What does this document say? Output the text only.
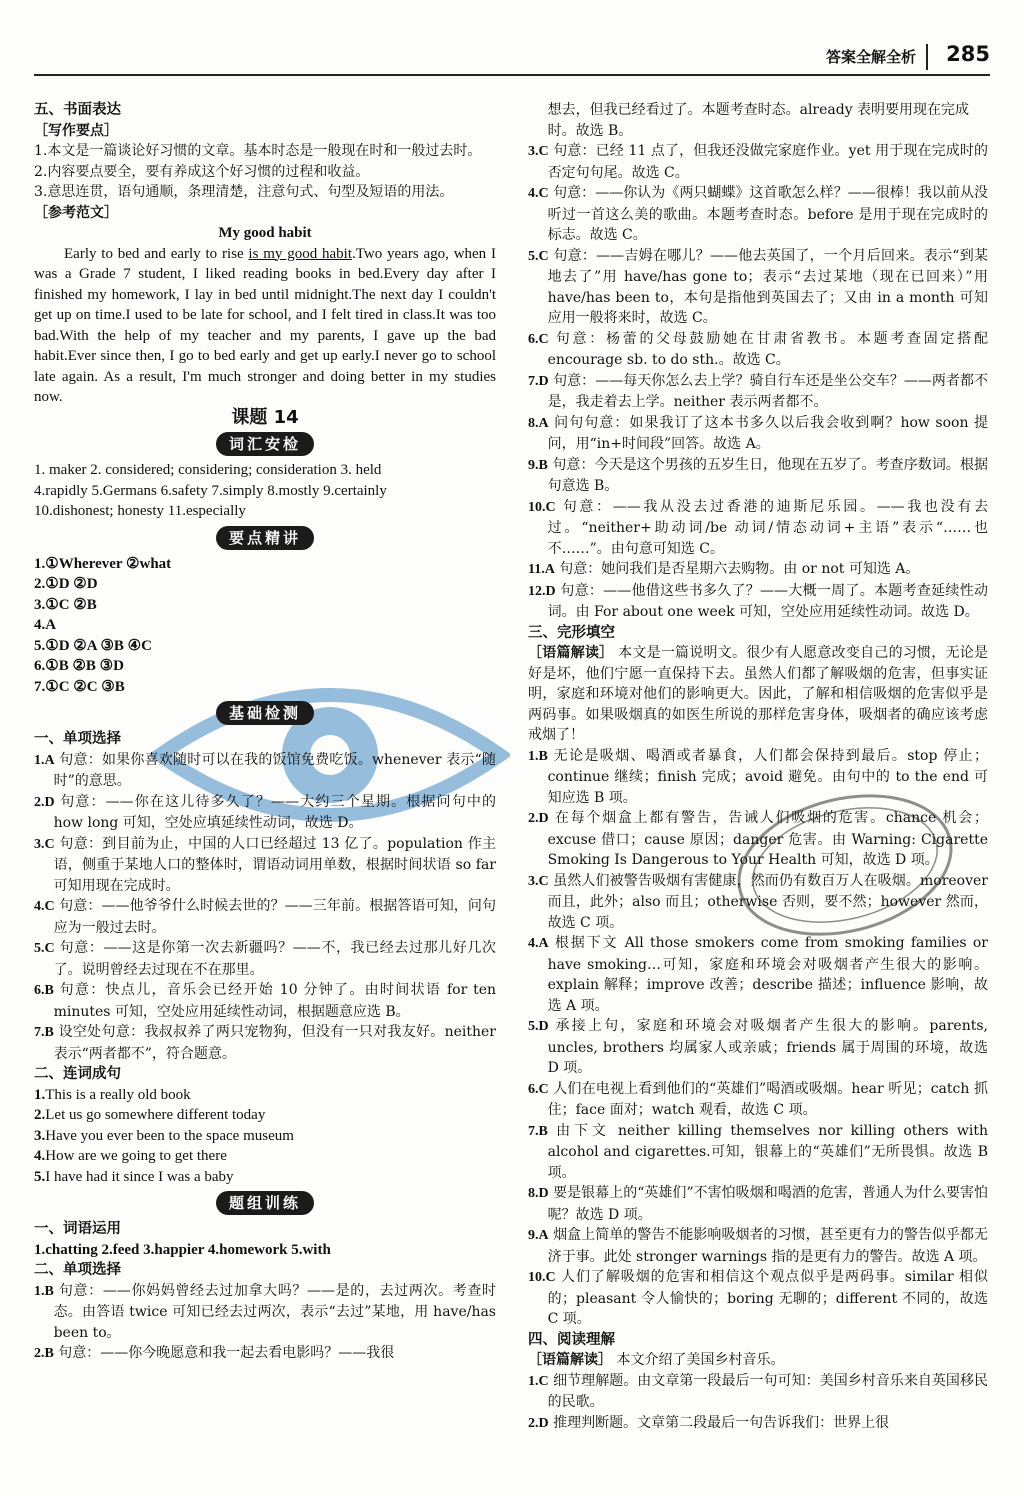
答案全解全析 285

五、书面表达

［写作要点］

1.本文是一篇谈论好习惯的文章。基本时态是一般现在时和一般过去时。

2.内容要点要全，要有养成这个好习惯的过程和收益。

3.意思连贯，语句通顺，条理清楚，注意句式、句型及短语的用法。

［参考范文］

My good habit

Early to bed and early to rise is my good habit.Two years ago, when I was a Grade 7 student, I liked reading books in bed.Every day after I finished my homework, I lay in bed until midnight.The next day I couldn't get up on time.I used to be late for school, and I felt tired in class.It was too bad.With the help of my teacher and my parents, I gave up the bad habit.Ever since then, I go to bed early and get up early.I never go to school late again. As a result, I'm much stronger and doing better in my studies now.

课题 14

词汇安检

1. maker 2. considered; considering; consideration 3. held

4.rapidly 5.Germans 6.safety 7.simply 8.mostly 9.certainly

10.dishonest; honesty 11.especially

要点精讲

1.①Wherever ②what

2.①D ②D

3.①C ②B

4.A

5.①D ②A ③B ④C

6.①B ②B ③D

7.①C ②C ③B

基础检测

一、单项选择

1.A 句意：如果你喜欢随时可以在我的饭馆免费吃饭。whenever 表示“随时”的意思。

2.D 句意：——你在这儿待多久了？——大约三个星期。根据问句中的 how long 可知，空处应填延续性动词，故选 D。

3.C 句意：到目前为止，中国的人口已经超过 13 亿了。population 作主语，侧重于某地人口的整体时，谓语动词用单数，根据时间状语 so far 可知用现在完成时。

4.C 句意：——他爷爷什么时候去世的？——三年前。根据答语可知，问句应为一般过去时。

5.C 句意：——这是你第一次去新疆吗？——不，我已经去过那儿好几次了。说明曾经去过现在不在那里。

6.B 句意：快点儿，音乐会已经开始 10 分钟了。由时间状语 for ten minutes 可知，空处应用延续性动词，根据题意应选 B。

7.B 设空处句意：我叔叔养了两只宠物狗，但没有一只对我友好。neither 表示“两者都不”，符合题意。

二、连词成句

1.This is a really old book

2.Let us go somewhere different today

3.Have you ever been to the space museum

4.How are we going to get there

5.I have had it since I was a baby

题组训练

一、词语运用

1.chatting 2.feed 3.happier 4.homework 5.with

二、单项选择

1.B 句意：——你妈妈曾经去过加拿大吗？——是的，去过两次。考查时态。由答语 twice 可知已经去过两次，表示“去过”某地，用 have/has been to。

2.B 句意：——你今晚愿意和我一起去看电影吗？——我很

想去，但我已经看过了。本题考查时态。already 表明要用现在完成时。故选 B。

3.C 句意：已经 11 点了，但我还没做完家庭作业。yet 用于现在完成时的否定句句尾。故选 C。

4.C 句意：——你认为《两只蝴蝶》这首歌怎么样？——很棒！我以前从没听过一首这么美的歌曲。本题考查时态。before 是用于现在完成时的标志。故选 C。

5.C 句意：——吉姆在哪儿？——他去英国了，一个月后回来。表示“到某地去了”用 have/has gone to；表示“去过某地（现在已回来）”用 have/has been to，本句是指他到英国去了；又由 in a month 可知应用一般将来时，故选 C。

6.C 句意：杨蕾的父母鼓励她在甘肃省教书。本题考查固定搭配 encourage sb. to do sth.。故选 C。

7.D 句意：——每天你怎么去上学？骑自行车还是坐公交车？——两者都不是，我走着去上学。neither 表示两者都不。

8.A 问句句意：如果我订了这本书多久以后我会收到啊？how soon 提问，用“in+时间段”回答。故选 A。

9.B 句意：今天是这个男孩的五岁生日，他现在五岁了。考查序数词。根据句意选 B。

10.C 句意：——我从没去过香港的迪斯尼乐园。——我也没有去过。“neither+助动词/be 动词/情态动词+主语”表示“……也不……”。由句意可知选 C。

11.A 句意：她问我们是否星期六去购物。由 or not 可知选 A。

12.D 句意：——他借这些书多久了？——大概一周了。本题考查延续性动词。由 For about one week 可知，空处应用延续性动词。故选 D。

三、完形填空

［语篇解读］ 本文是一篇说明文。很少有人愿意改变自己的习惯，无论是好是坏，他们宁愿一直保持下去。虽然人们都了解吸烟的危害，但事实证明，家庭和环境对他们的影响更大。因此，了解和相信吸烟的危害似乎是两码事。如果吸烟真的如医生所说的那样危害身体，吸烟者的确应该考虑戒烟了！

1.B 无论是吸烟、喝酒或者暴食，人们都会保持到最后。stop 停止；continue 继续；finish 完成；avoid 避免。由句中的 to the end 可知应选 B 项。

2.D 在每个烟盒上都有警告，告诫人们吸烟的危害。chance 机会；excuse 借口；cause 原因；danger 危害。由 Warning: Cigarette Smoking Is Dangerous to Your Health 可知，故选 D 项。

3.C 虽然人们被警告吸烟有害健康，然而仍有数百万人在吸烟。moreover 而且，此外；also 而且；otherwise 否则，要不然；however 然而，故选 C 项。

4.A 根据下文 All those smokers come from smoking families or have smoking…可知，家庭和环境会对吸烟者产生很大的影响。explain 解释；improve 改善；describe 描述；influence 影响，故选 A 项。

5.D 承接上句，家庭和环境会对吸烟者产生很大的影响。parents, uncles, brothers 均属家人或亲戚；friends 属于周围的环境，故选 D 项。

6.C 人们在电视上看到他们的“英雄们”喝酒或吸烟。hear 听见；catch 抓住；face 面对；watch 观看，故选 C 项。

7.B 由下文 neither killing themselves nor killing others with alcohol and cigarettes.可知，银幕上的“英雄们”无所畏惧。故选 B 项。

8.D 要是银幕上的“英雄们”不害怕吸烟和喝酒的危害，普通人为什么要害怕呢？故选 D 项。

9.A 烟盒上简单的警告不能影响吸烟者的习惯，甚至更有力的警告似乎都无济于事。此处 stronger warnings 指的是更有力的警告。故选 A 项。

10.C 人们了解吸烟的危害和相信这个观点似乎是两码事。similar 相似的；pleasant 令人愉快的；boring 无聊的；different 不同的，故选 C 项。

四、阅读理解

［语篇解读］ 本文介绍了美国乡村音乐。

1.C 细节理解题。由文章第一段最后一句可知：美国乡村音乐来自英国移民的民歌。

2.D 推理判断题。文章第二段最后一句告诉我们：世界上很
